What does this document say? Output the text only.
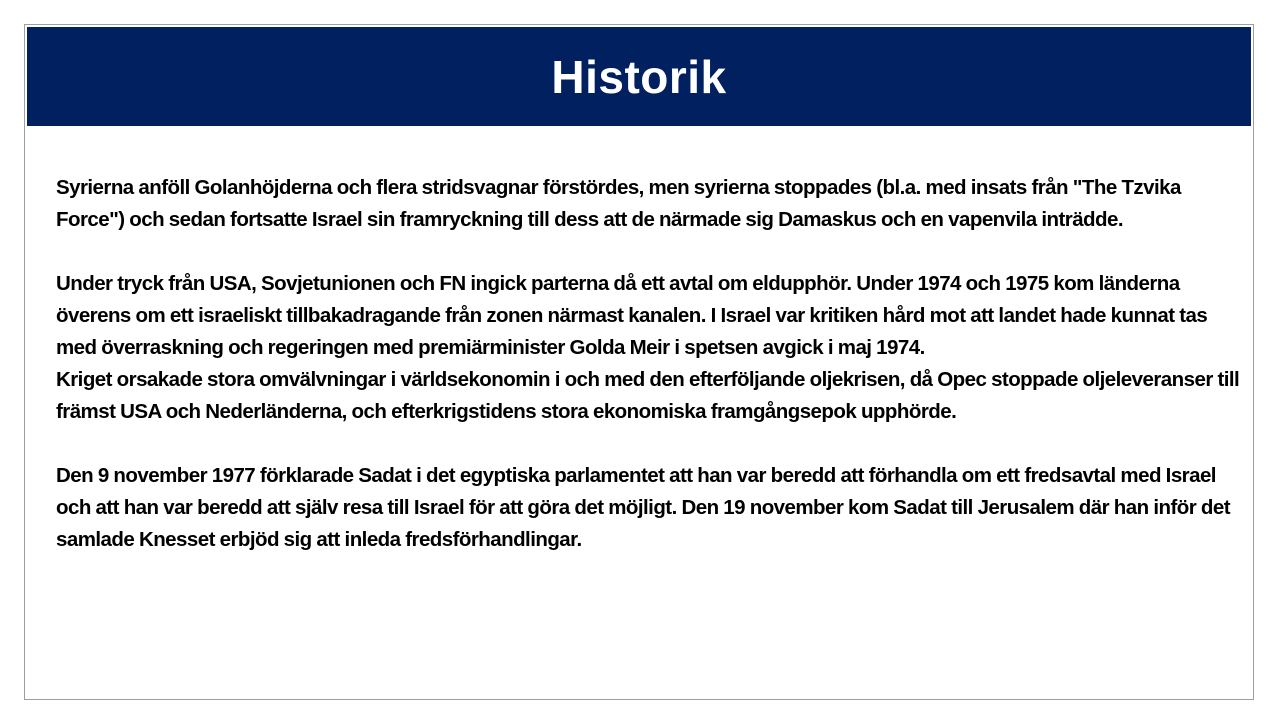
Historik

Syrierna anföll Golanhöjderna och flera stridsvagnar förstördes, men syrierna stoppades (bl.a. med insats från "The Tzvika Force") och sedan fortsatte Israel sin framryckning till dess att de närmade sig Damaskus och en vapenvila inträdde.

Under tryck från USA, Sovjetunionen och FN ingick parterna då ett avtal om eldupphör. Under 1974 och 1975 kom länderna överens om ett israeliskt tillbakadragande från zonen närmast kanalen. I Israel var kritiken hård mot att landet hade kunnat tas med överraskning och regeringen med premiärminister Golda Meir i spetsen avgick i maj 1974.

Kriget orsakade stora omvälvningar i världsekonomin i och med den efterföljande oljekrisen, då Opec stoppade oljeleveranser till främst USA och Nederländerna, och efterkrigstidens stora ekonomiska framgångsepok upphörde.

Den 9 november 1977 förklarade Sadat i det egyptiska parlamentet att han var beredd att förhandla om ett fredsavtal med Israel och att han var beredd att själv resa till Israel för att göra det möjligt. Den 19 november kom Sadat till Jerusalem där han inför det samlade Knesset erbjöd sig att inleda fredsförhandlingar.
